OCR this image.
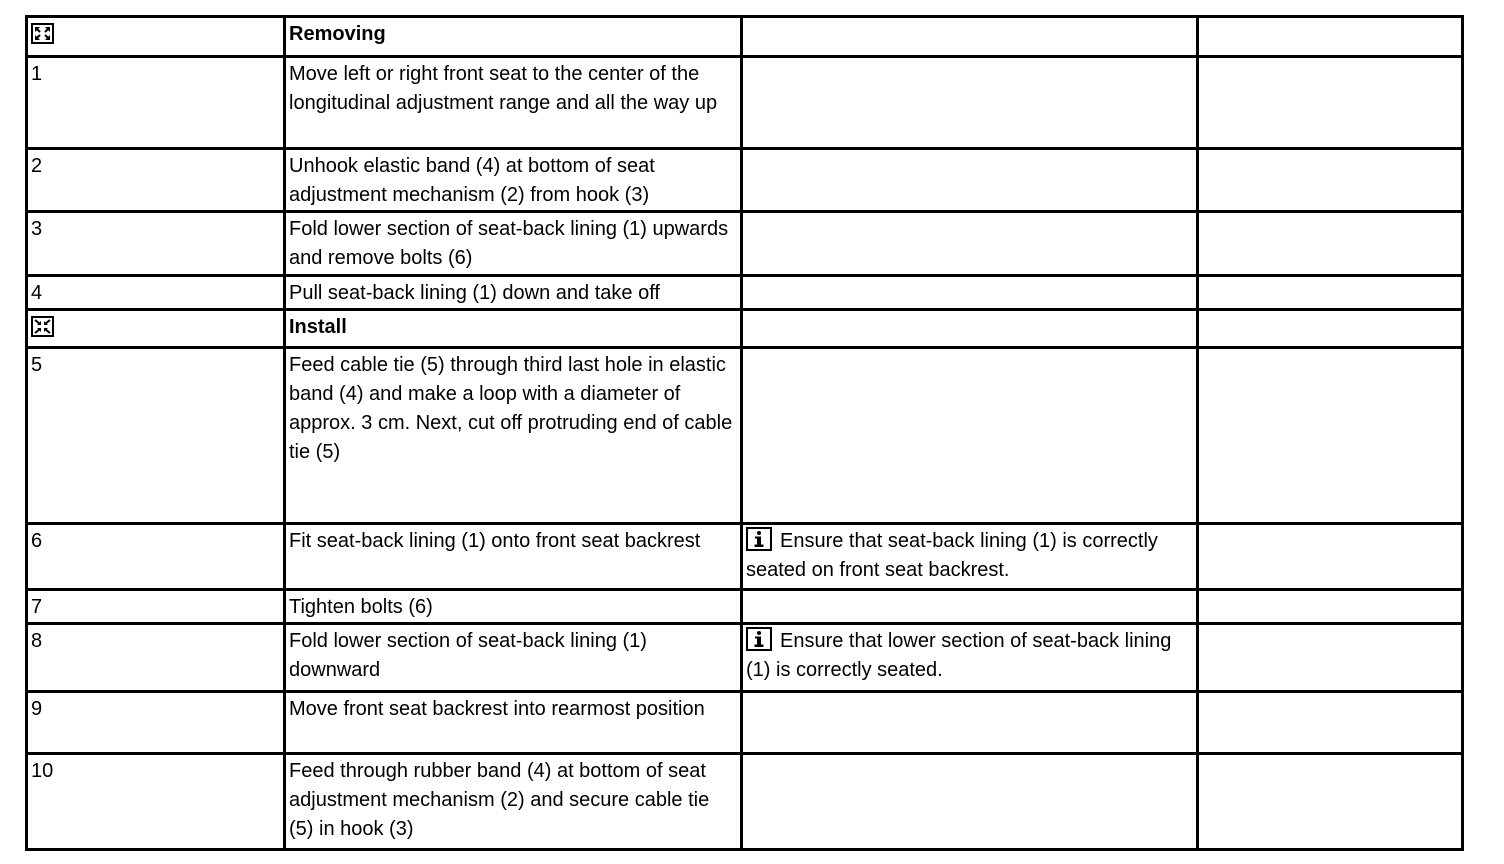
	Removing		
1	Move left or right front seat to the center of the longitudinal adjustment range and all the way up		
2	Unhook elastic band (4) at bottom of seat adjustment mechanism (2) from hook (3)		
3	Fold lower section of seat-back lining (1) upwards and remove bolts (6)		
4	Pull seat-back lining (1) down and take off		

	Install		
5	Feed cable tie (5) through third last hole in elastic band (4) and make a loop with a diameter of
approx. 3 cm. Next, cut off protruding end of cable tie (5)		
6	Fit seat-back lining (1) onto front seat backrest	Ensure that seat-back lining (1) is correctly seated on front seat backrest.	
7	Tighten bolts (6)		
8	Fold lower section of seat-back lining (1) downward	Ensure that lower section of seat-back lining (1) is correctly seated.	
9	Move front seat backrest into rearmost position		
10	Feed through rubber band (4) at bottom of seat adjustment mechanism (2) and secure cable tie (5) in hook (3)		
